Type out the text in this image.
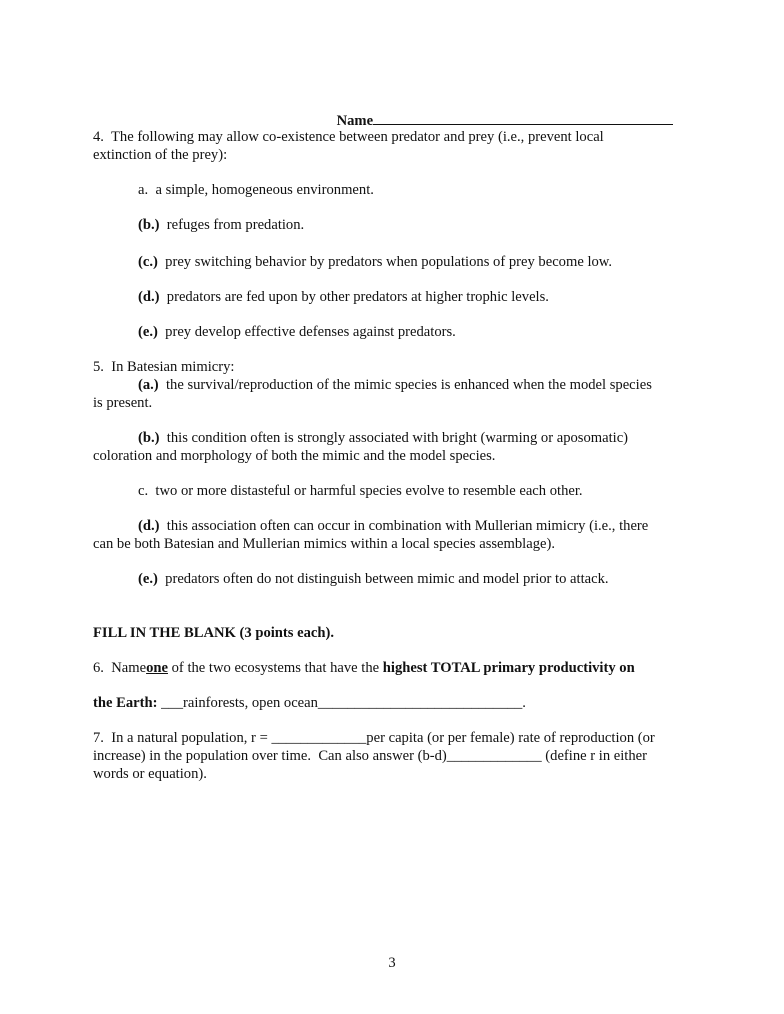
Name

4.  The following may allow co-existence between predator and prey (i.e., prevent local
extinction of the prey):
a. a simple, homogeneous environment.
(b.) refuges from predation.
(c.) prey switching behavior by predators when populations of prey become low.
(d.) predators are fed upon by other predators at higher trophic levels.
(e.) prey develop effective defenses against predators.
5.  In Batesian mimicry:
(a.) the survival/reproduction of the mimic species is enhanced when the model species
is present.
(b.) this condition often is strongly associated with bright (warming or aposomatic)
coloration and morphology of both the mimic and the model species.
c.  two or more distasteful or harmful species evolve to resemble each other.
(d.) this association often can occur in combination with Mullerian mimicry (i.e., there
can be both Batesian and Mullerian mimics within a local species assemblage).
(e.) predators often do not distinguish between mimic and model prior to attack.
FILL IN THE BLANK (3 points each).
6.  Nameone of the two ecosystems that have the highest TOTAL primary productivity on
the Earth: ___rainforests, open ocean____________________________.
7.  In a natural population, r = _____________per capita (or per female) rate of reproduction (or
increase) in the population over time.  Can also answer (b-d)_____________ (define r in either
words or equation).
3
